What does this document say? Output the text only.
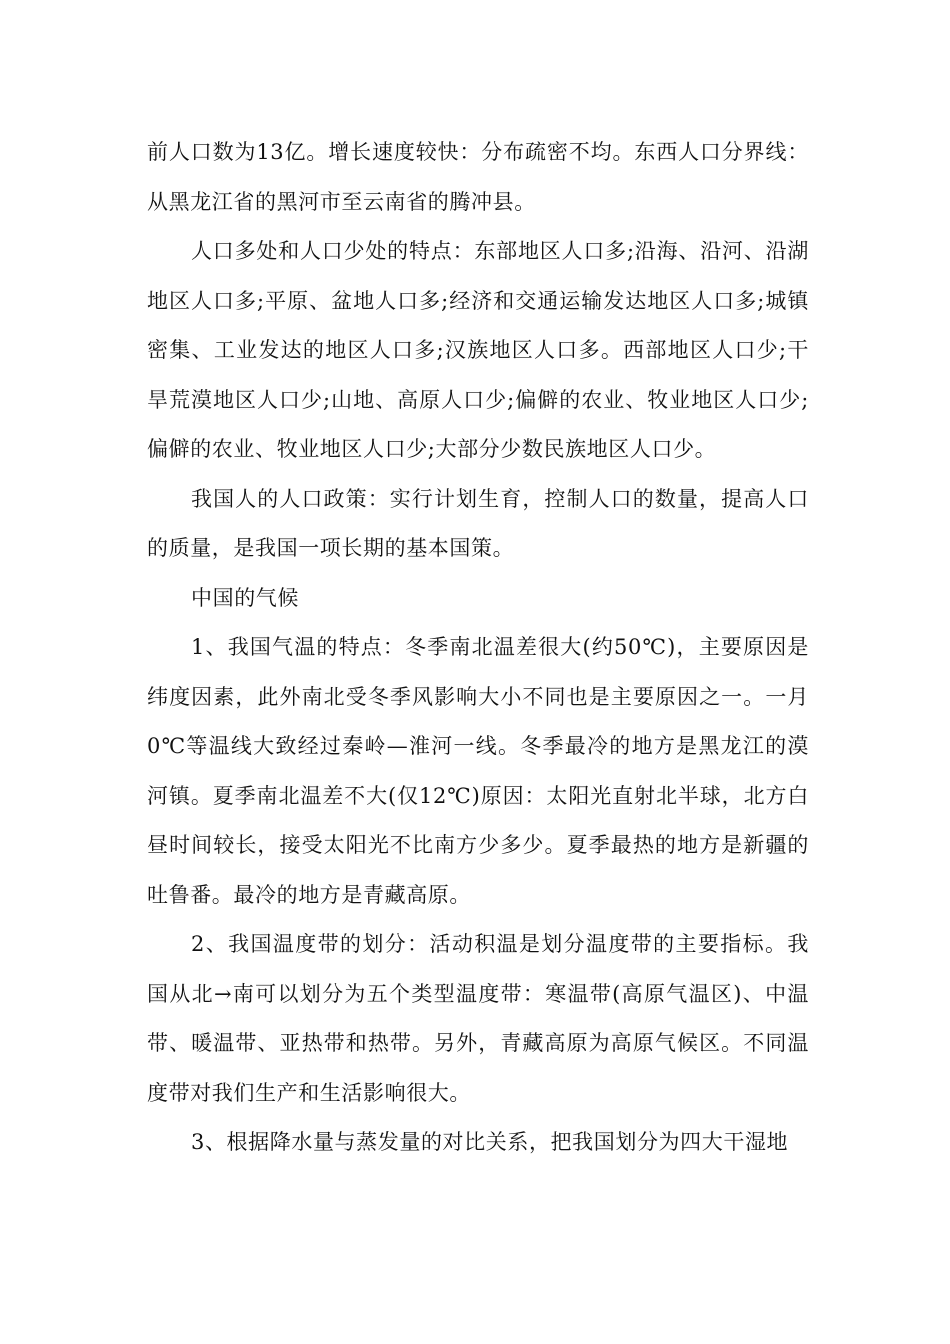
前人口数为13亿。增长速度较快：分布疏密不均。东西人口分界线：从黑龙江省的黑河市至云南省的腾冲县。

人口多处和人口少处的特点：东部地区人口多;沿海、沿河、沿湖地区人口多;平原、盆地人口多;经济和交通运输发达地区人口多;城镇密集、工业发达的地区人口多;汉族地区人口多。西部地区人口少;干旱荒漠地区人口少;山地、高原人口少;偏僻的农业、牧业地区人口少;偏僻的农业、牧业地区人口少;大部分少数民族地区人口少。

我国人的人口政策：实行计划生育，控制人口的数量，提高人口的质量，是我国一项长期的基本国策。

中国的气候

1、我国气温的特点：冬季南北温差很大(约50℃)，主要原因是纬度因素，此外南北受冬季风影响大小不同也是主要原因之一。一月0℃等温线大致经过秦岭—淮河一线。冬季最冷的地方是黑龙江的漠河镇。夏季南北温差不大(仅12℃)原因：太阳光直射北半球，北方白昼时间较长，接受太阳光不比南方少多少。夏季最热的地方是新疆的吐鲁番。最冷的地方是青藏高原。

2、我国温度带的划分：活动积温是划分温度带的主要指标。我国从北→南可以划分为五个类型温度带：寒温带(高原气温区)、中温带、暖温带、亚热带和热带。另外，青藏高原为高原气候区。不同温度带对我们生产和生活影响很大。

3、根据降水量与蒸发量的对比关系，把我国划分为四大干湿地
